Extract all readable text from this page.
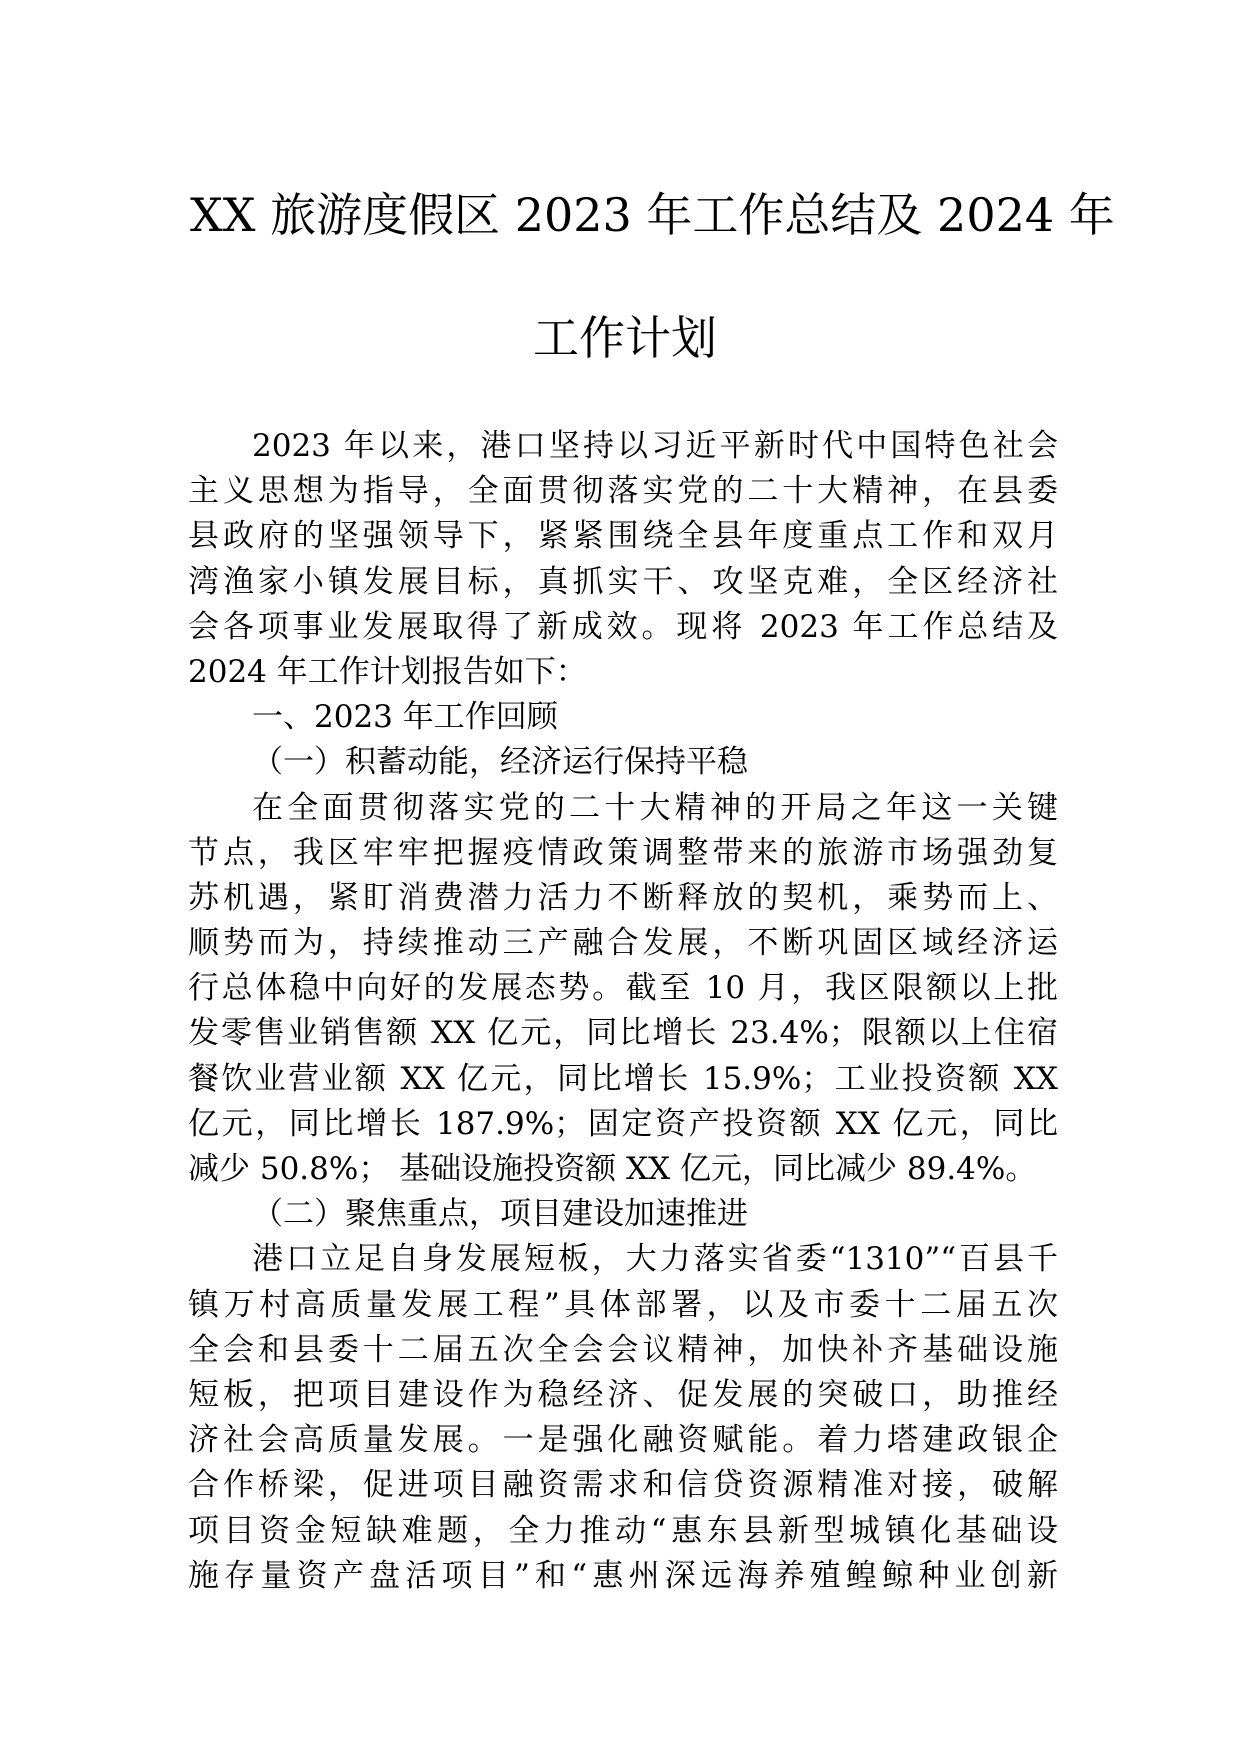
XX 旅游度假区 2023 年工作总结及 2024 年
工作计划
2023 年以来，港口坚持以习近平新时代中国特色社会
主义思想为指导，全面贯彻落实党的二十大精神，在县委
县政府的坚强领导下，紧紧围绕全县年度重点工作和双月
湾渔家小镇发展目标，真抓实干、攻坚克难，全区经济社
会各项事业发展取得了新成效。现将 2023 年工作总结及
2024 年工作计划报告如下：
一、2023 年工作回顾
（一）积蓄动能，经济运行保持平稳
在全面贯彻落实党的二十大精神的开局之年这一关键
节点，我区牢牢把握疫情政策调整带来的旅游市场强劲复
苏机遇，紧盯消费潜力活力不断释放的契机，乘势而上、
顺势而为，持续推动三产融合发展，不断巩固区域经济运
行总体稳中向好的发展态势。截至 10 月，我区限额以上批
发零售业销售额 XX 亿元，同比增长 23.4%；限额以上住宿
餐饮业营业额 XX 亿元，同比增长 15.9%；工业投资额 XX
亿元，同比增长 187.9%；固定资产投资额 XX 亿元，同比
减少 50.8%； 基础设施投资额 XX 亿元，同比减少 89.4%。
（二）聚焦重点，项目建设加速推进
港口立足自身发展短板，大力落实省委“1310”“百县千
镇万村高质量发展工程”具体部署，以及市委十二届五次
全会和县委十二届五次全会会议精神，加快补齐基础设施
短板，把项目建设作为稳经济、促发展的突破口，助推经
济社会高质量发展。一是强化融资赋能。着力塔建政银企
合作桥梁，促进项目融资需求和信贷资源精准对接，破解
项目资金短缺难题，全力推动“惠东县新型城镇化基础设
施存量资产盘活项目”和“惠州深远海养殖鳇鲸种业创新
